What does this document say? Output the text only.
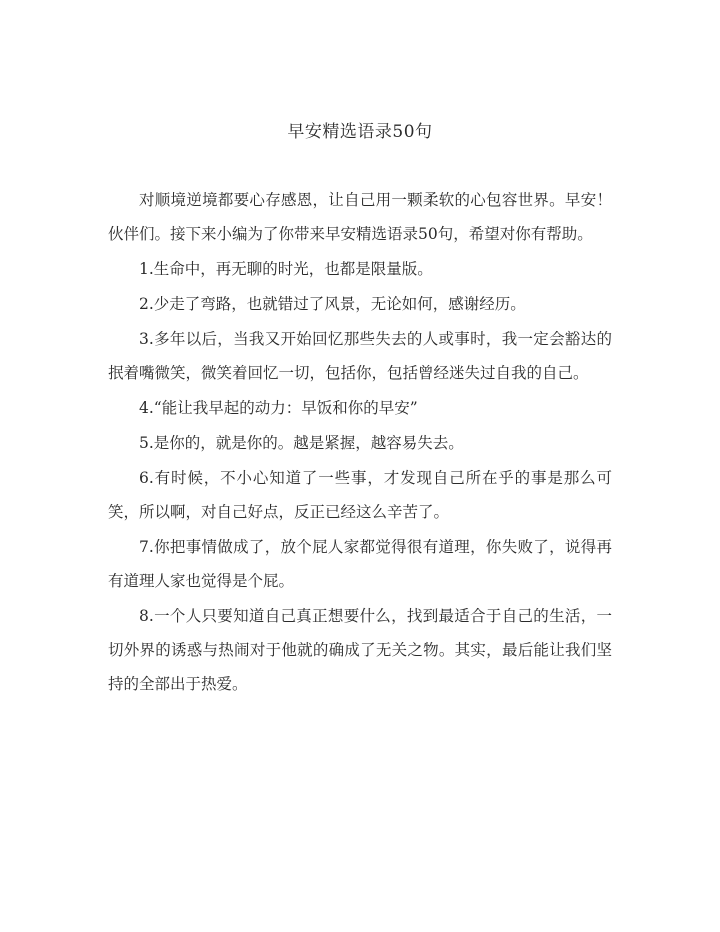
早安精选语录50句

对顺境逆境都要心存感恩，让自己用一颗柔软的心包容世界。早安！伙伴们。接下来小编为了你带来早安精选语录50句，希望对你有帮助。

1.生命中，再无聊的时光，也都是限量版。

2.少走了弯路，也就错过了风景，无论如何，感谢经历。

3.多年以后，当我又开始回忆那些失去的人或事时，我一定会豁达的抿着嘴微笑，微笑着回忆一切，包括你，包括曾经迷失过自我的自己。

4.“能让我早起的动力：早饭和你的早安”

5.是你的，就是你的。越是紧握，越容易失去。

6.有时候，不小心知道了一些事，才发现自己所在乎的事是那么可笑，所以啊，对自己好点，反正已经这么辛苦了。

7.你把事情做成了，放个屁人家都觉得很有道理，你失败了，说得再有道理人家也觉得是个屁。

8.一个人只要知道自己真正想要什么，找到最适合于自己的生活，一切外界的诱惑与热闹对于他就的确成了无关之物。其实，最后能让我们坚持的全部出于热爱。
